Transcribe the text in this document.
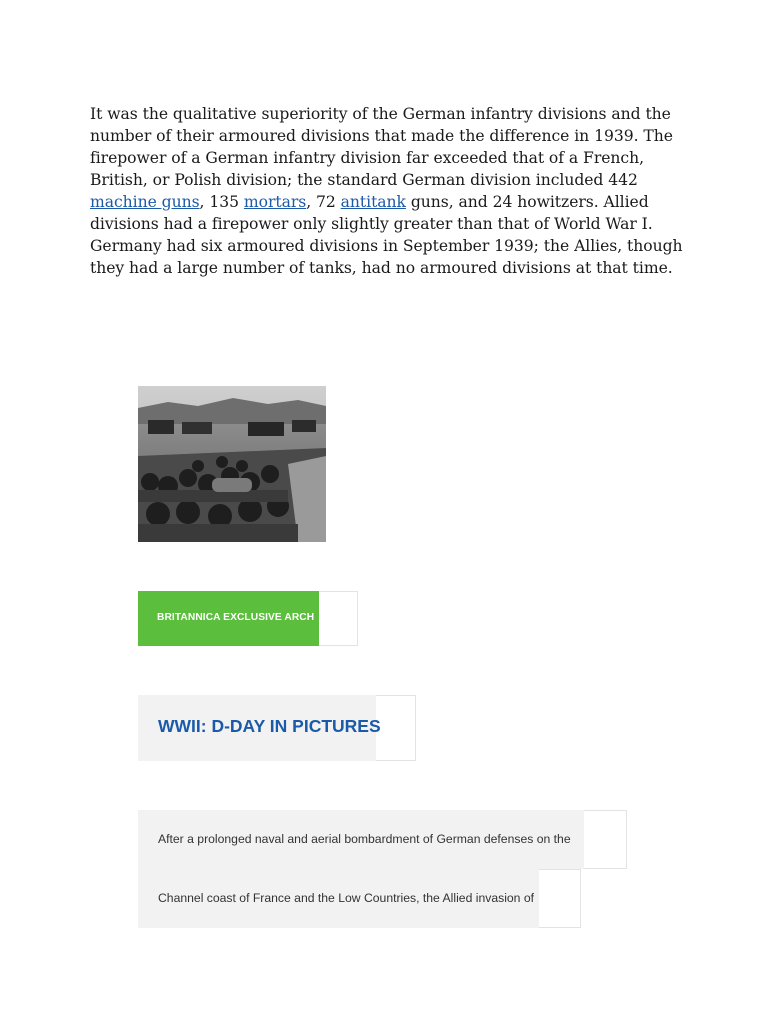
It was the qualitative superiority of the German infantry divisions and the number of their armoured divisions that made the difference in 1939. The firepower of a German infantry division far exceeded that of a French, British, or Polish division; the standard German division included 442 machine guns, 135 mortars, 72 antitank guns, and 24 howitzers. Allied divisions had a firepower only slightly greater than that of World War I. Germany had six armoured divisions in September 1939; the Allies, though they had a large number of tanks, had no armoured divisions at that time.

BRITANNICA EXCLUSIVE ARCH
WWII: D-DAY IN PICTURES
After a prolonged naval and aerial bombardment of German defenses on the
Channel coast of France and the Low Countries, the Allied invasion of
